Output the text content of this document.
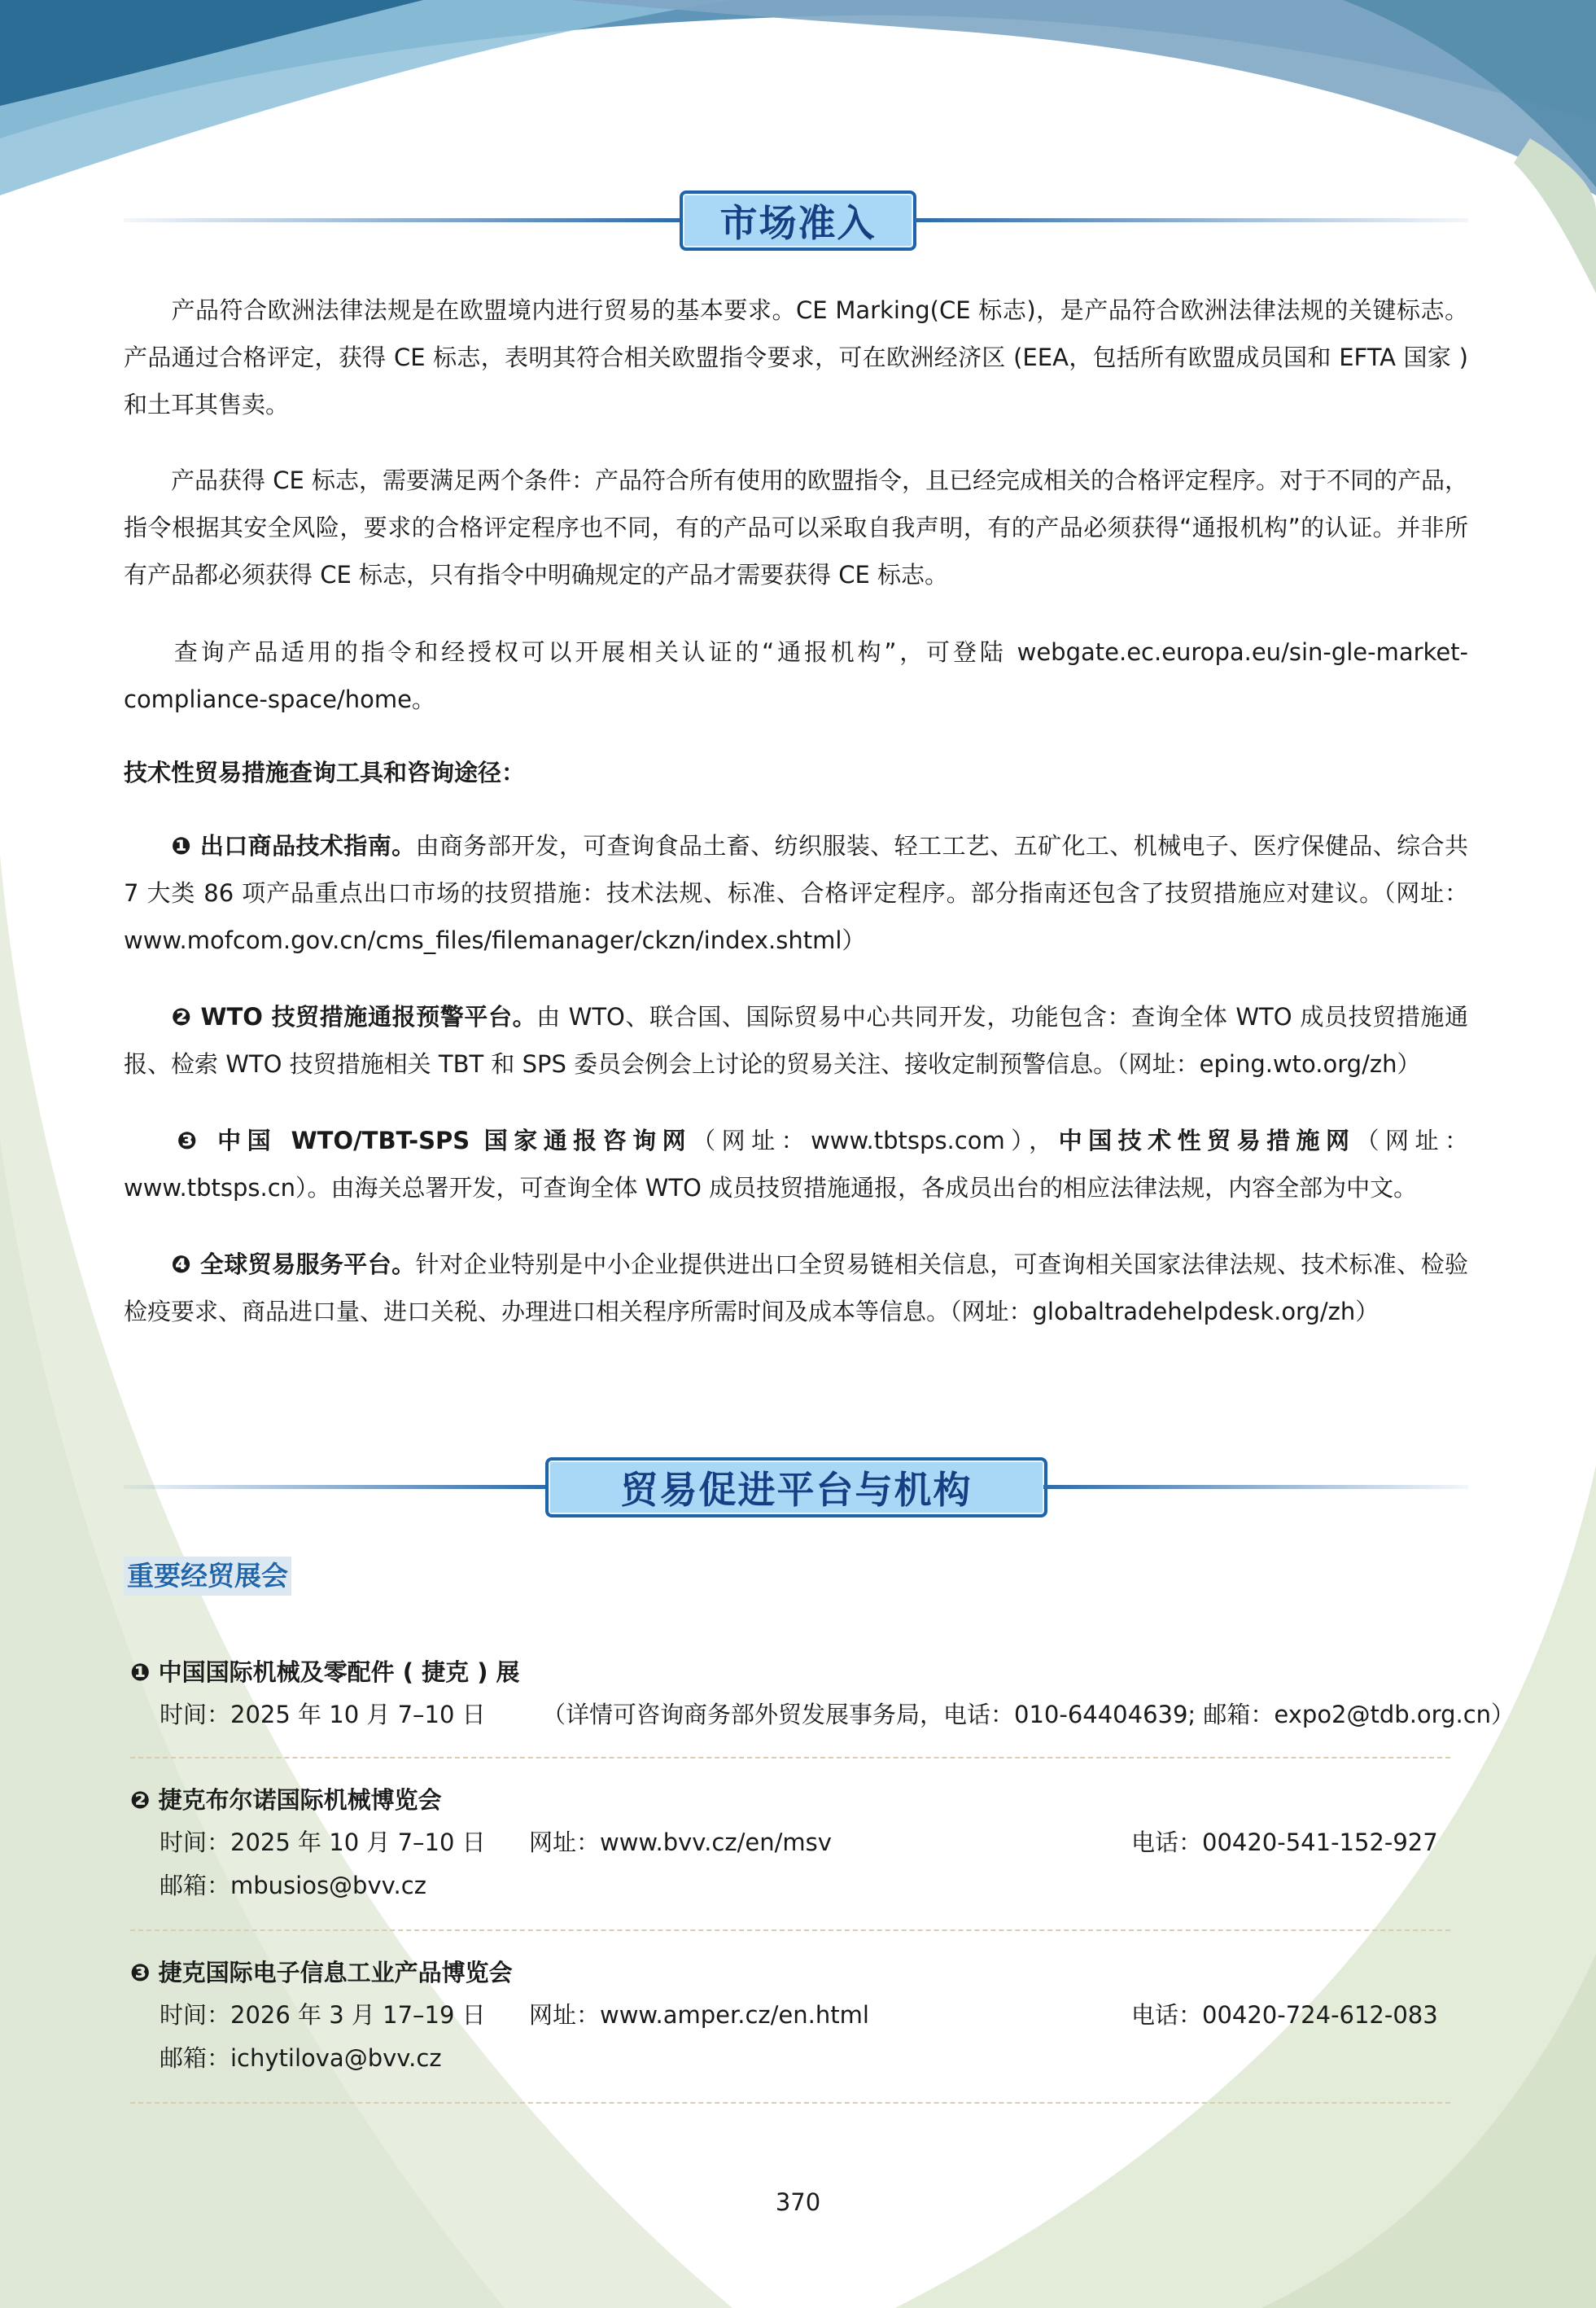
市场准入

产品符合欧洲法律法规是在欧盟境内进行贸易的基本要求。CE Marking(CE 标志)，是产品符合欧洲法律法规的关键标志。产品通过合格评定，获得 CE 标志，表明其符合相关欧盟指令要求，可在欧洲经济区 (EEA，包括所有欧盟成员国和 EFTA 国家 ) 和土耳其售卖。

产品获得 CE 标志，需要满足两个条件：产品符合所有使用的欧盟指令，且已经完成相关的合格评定程序。对于不同的产品，指令根据其安全风险，要求的合格评定程序也不同，有的产品可以采取自我声明，有的产品必须获得“通报机构”的认证。并非所有产品都必须获得 CE 标志，只有指令中明确规定的产品才需要获得 CE 标志。

查询产品适用的指令和经授权可以开展相关认证的“通报机构”，可登陆 webgate.ec.europa.eu/sin-gle-market-compliance-space/home。

技术性贸易措施查询工具和咨询途径：

❶ 出口商品技术指南。由商务部开发，可查询食品土畜、纺织服装、轻工工艺、五矿化工、机械电子、医疗保健品、综合共 7 大类 86 项产品重点出口市场的技贸措施：技术法规、标准、合格评定程序。部分指南还包含了技贸措施应对建议。（网址：www.mofcom.gov.cn/cms_files/filemanager/ckzn/index.shtml）

❷ WTO 技贸措施通报预警平台。由 WTO、联合国、国际贸易中心共同开发，功能包含：查询全体 WTO 成员技贸措施通报、检索 WTO 技贸措施相关 TBT 和 SPS 委员会例会上讨论的贸易关注、接收定制预警信息。（网址：eping.wto.org/zh）

❸ 中国 WTO/TBT-SPS 国家通报咨询网（网址：www.tbtsps.com），中国技术性贸易措施网（网址：www.tbtsps.cn）。由海关总署开发，可查询全体 WTO 成员技贸措施通报，各成员出台的相应法律法规，内容全部为中文。

❹ 全球贸易服务平台。针对企业特别是中小企业提供进出口全贸易链相关信息，可查询相关国家法律法规、技术标准、检验检疫要求、商品进口量、进口关税、办理进口相关程序所需时间及成本等信息。（网址：globaltradehelpdesk.org/zh）

贸易促进平台与机构
重要经贸展会
❶ 中国国际机械及零配件 ( 捷克 ) 展
时间：2025 年 10 月 7–10 日 （详情可咨询商务部外贸发展事务局，电话：010-64404639; 邮箱：expo2@tdb.org.cn）
❷ 捷克布尔诺国际机械博览会
时间：2025 年 10 月 7–10 日 网址：www.bvv.cz/en/msv	电话：00420-541-152-927
邮箱：mbusios@bvv.cz
❸ 捷克国际电子信息工业产品博览会
时间：2026 年 3 月 17–19 日 网址：www.amper.cz/en.html	电话：00420-724-612-083
邮箱：ichytilova@bvv.cz
370
